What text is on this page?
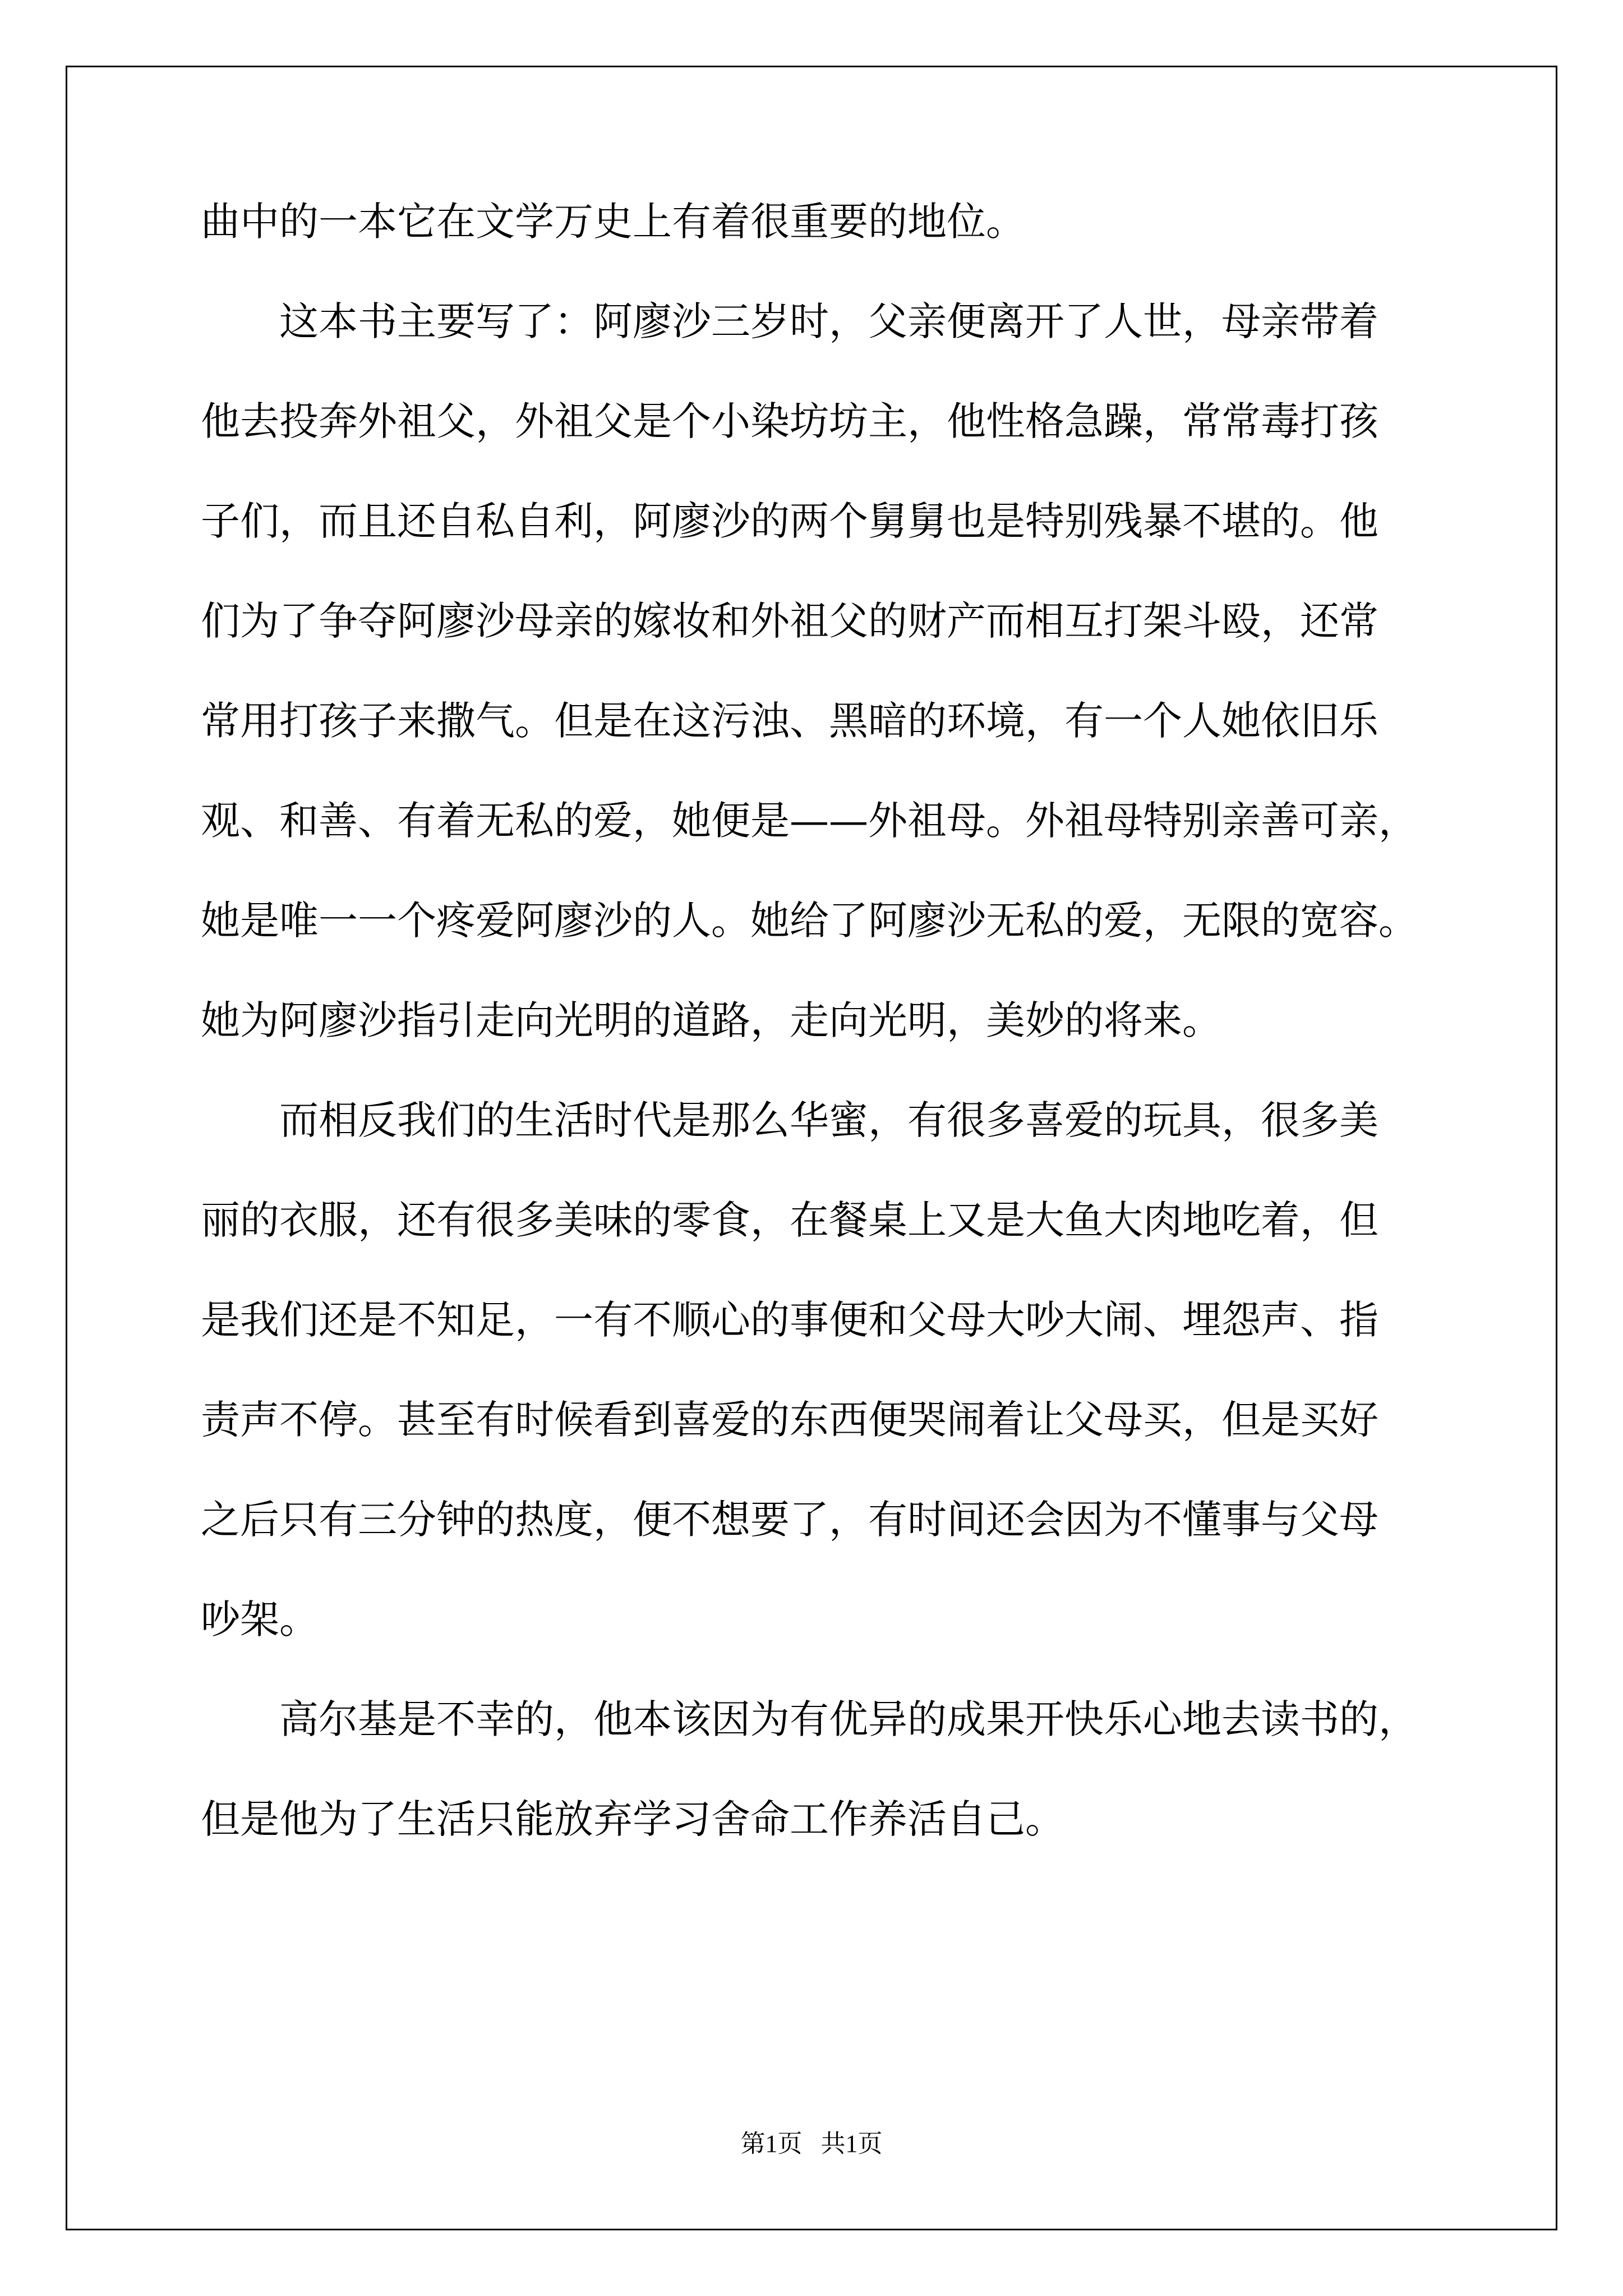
曲中的一本它在文学万史上有着很重要的地位。
这本书主要写了：阿廖沙三岁时，父亲便离开了人世，母亲带着
他去投奔外祖父，外祖父是个小染坊坊主，他性格急躁，常常毒打孩
子们，而且还自私自利，阿廖沙的两个舅舅也是特别残暴不堪的。他
们为了争夺阿廖沙母亲的嫁妆和外祖父的财产而相互打架斗殴，还常
常用打孩子来撒气。但是在这污浊、黑暗的环境，有一个人她依旧乐
观、和善、有着无私的爱，她便是——外祖母。外祖母特别亲善可亲，
她是唯一一个疼爱阿廖沙的人。她给了阿廖沙无私的爱，无限的宽容。
她为阿廖沙指引走向光明的道路，走向光明，美妙的将来。
而相反我们的生活时代是那么华蜜，有很多喜爱的玩具，很多美
丽的衣服，还有很多美味的零食，在餐桌上又是大鱼大肉地吃着，但
是我们还是不知足，一有不顺心的事便和父母大吵大闹、埋怨声、指
责声不停。甚至有时候看到喜爱的东西便哭闹着让父母买，但是买好
之后只有三分钟的热度，便不想要了，有时间还会因为不懂事与父母
吵架。
高尔基是不幸的，他本该因为有优异的成果开快乐心地去读书的，
但是他为了生活只能放弃学习舍命工作养活自己。
第1页 共1页
